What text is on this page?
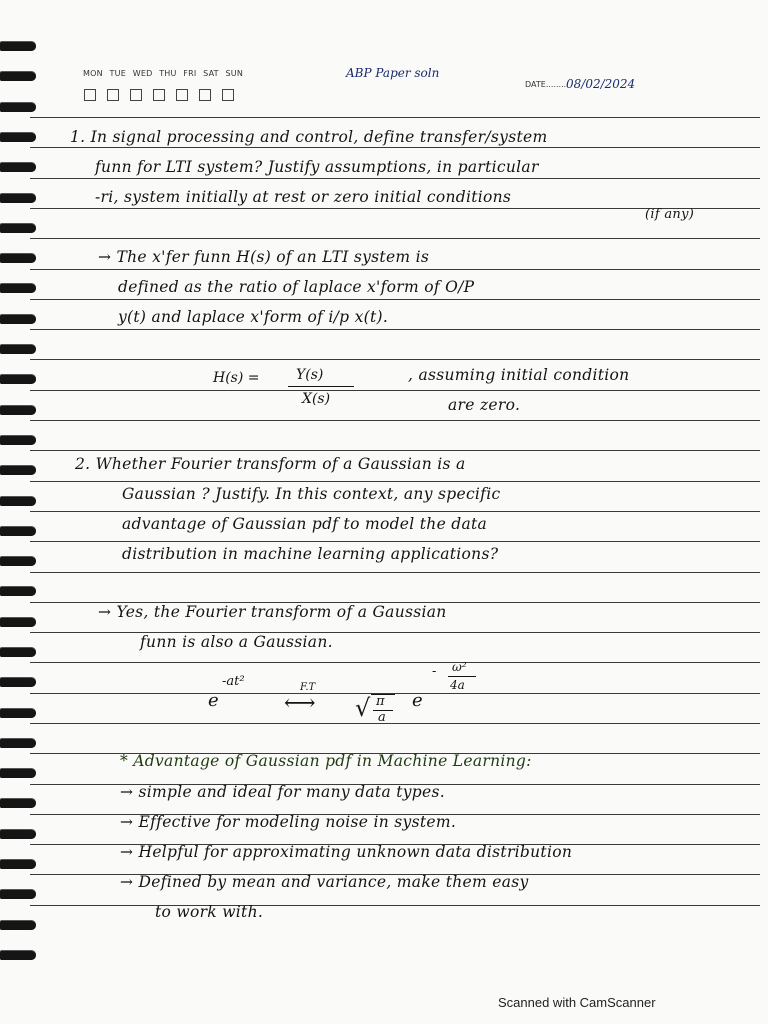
MON TUE WED THU FRI SAT SUN	ABP Paper soln
DATE........ 08/02/2024
1. In signal processing and control, define transfer/system
funn for LTI system? Justify assumptions, in particular
-ri, system initially at rest or zero initial conditions
(if any)
→ The x'fer funn H(s) of an LTI system is
defined as the ratio of laplace x'form of O/P
y(t) and laplace x'form of i/p x(t).
H(s) =	Y(s)
X(s)
, assuming initial condition
are zero.
2. Whether Fourier transform of a Gaussian is a
Gaussian ? Justify. In this context, any specific
advantage of Gaussian pdf to model the data
distribution in machine learning applications?
→ Yes, the Fourier transform of a Gaussian
funn is also a Gaussian.
e
-at²	F.T
⟷ √ π
a
e
- ω²
4a
* Advantage of Gaussian pdf in Machine Learning:
→ simple and ideal for many data types.
→ Effective for modeling noise in system.
→ Helpful for approximating unknown data distribution
→ Defined by mean and variance, make them easy
to work with.
Scanned with CamScanner
